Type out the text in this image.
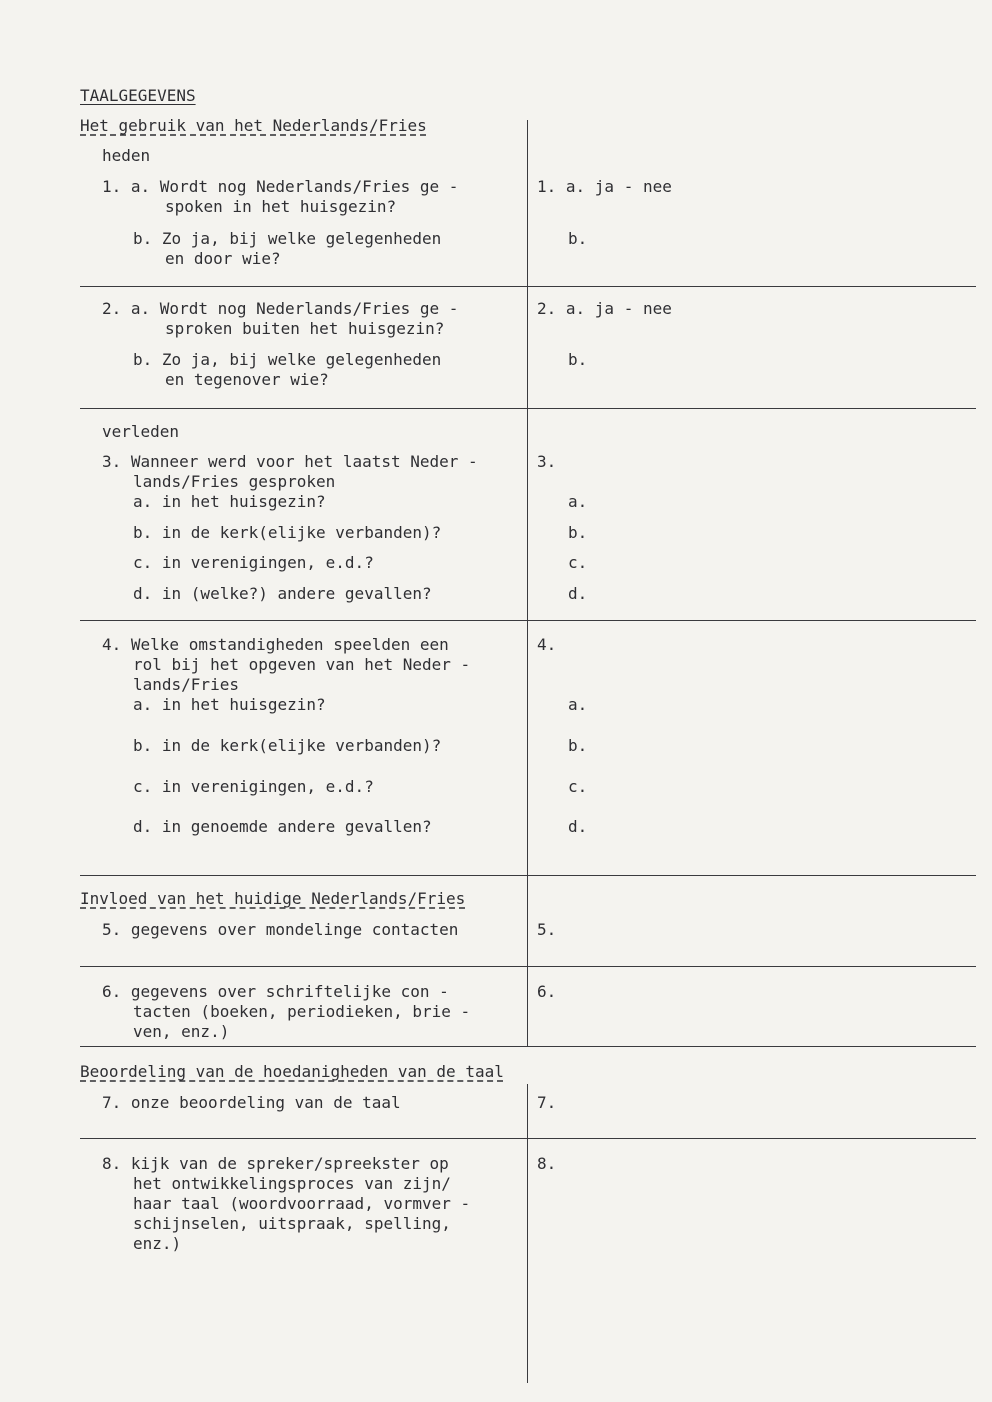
TAALGEGEVENS
Het gebruik van het Nederlands/Fries
heden
1. a. Wordt nog Nederlands/Fries ge -
spoken in het huisgezin?
b. Zo ja, bij welke gelegenheden
en door wie?
1. a. ja - nee
b.
2. a. Wordt nog Nederlands/Fries ge -
sproken buiten het huisgezin?
b. Zo ja, bij welke gelegenheden
en tegenover wie?
2. a. ja - nee
b.
verleden
3. Wanneer werd voor het laatst Neder -
lands/Fries gesproken
a. in het huisgezin?
b. in de kerk(elijke verbanden)?
c. in verenigingen, e.d.?
d. in (welke?) andere gevallen?
3.
a.
b.
c.
d.
4. Welke omstandigheden speelden een
rol bij het opgeven van het Neder -
lands/Fries
a. in het huisgezin?
b. in de kerk(elijke verbanden)?
c. in verenigingen, e.d.?
d. in genoemde andere gevallen?
4.
a.
b.
c.
d.
Invloed van het huidige Nederlands/Fries
5. gegevens over mondelinge contacten	5.
6. gegevens over schriftelijke con -
tacten (boeken, periodieken, brie -
ven, enz.)
6.
Beoordeling van de hoedanigheden van de taal
7. onze beoordeling van de taal	7.
8. kijk van de spreker/spreekster op
het ontwikkelingsproces van zijn/
haar taal (woordvoorraad, vormver -
schijnselen, uitspraak, spelling,
enz.)
8.
